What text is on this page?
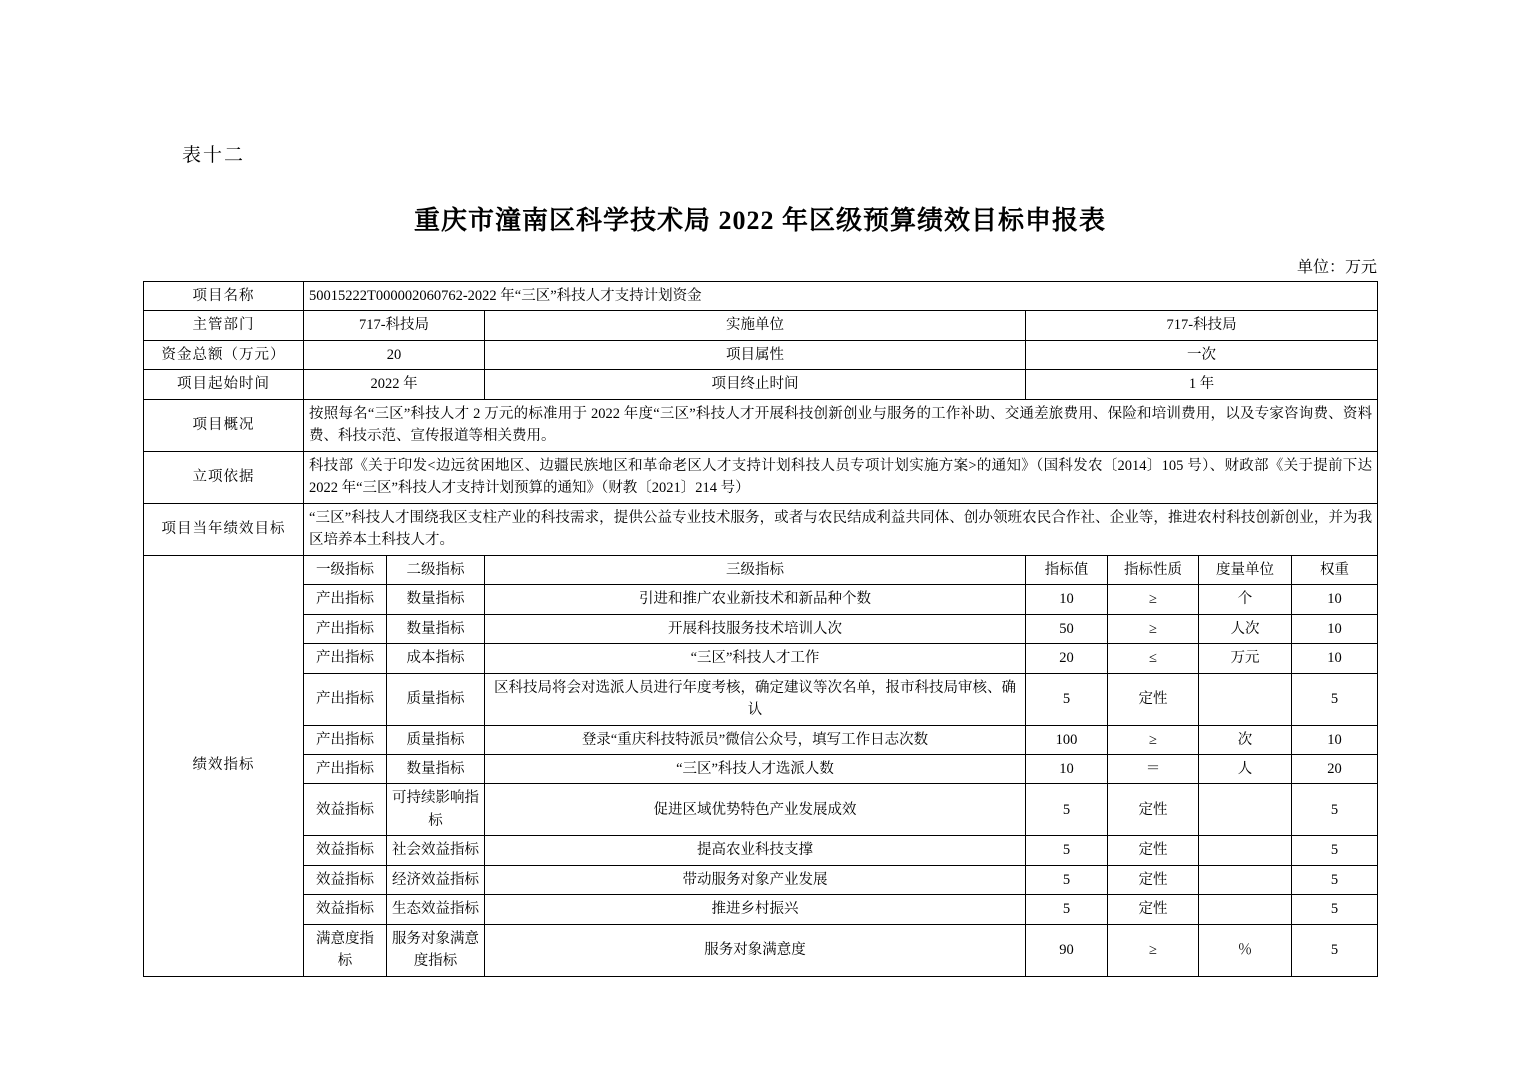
表十二
重庆市潼南区科学技术局 2022 年区级预算绩效目标申报表
单位：万元
项目名称	50015222T000002060762-2022 年“三区”科技人才支持计划资金						
主管部门	717-科技局		实施单位	717-科技局			
资金总额（万元）	20		项目属性	一次			
项目起始时间	2022 年		项目终止时间	1 年			
项目概况	按照每名“三区”科技人才 2 万元的标准用于 2022 年度“三区”科技人才开展科技创新创业与服务的工作补助、交通差旅费用、保险和培训费用，以及专家咨询费、资料费、科技示范、宣传报道等相关费用。						
立项依据	科技部《关于印发<边远贫困地区、边疆民族地区和革命老区人才支持计划科技人员专项计划实施方案>的通知》（国科发农〔2014〕105 号）、财政部《关于提前下达 2022 年“三区”科技人才支持计划预算的通知》（财教〔2021〕214 号）						
项目当年绩效目标	“三区”科技人才围绕我区支柱产业的科技需求，提供公益专业技术服务，或者与农民结成利益共同体、创办领班农民合作社、企业等，推进农村科技创新创业，并为我区培养本土科技人才。						
绩效指标	一级指标	二级指标	三级指标	指标值	指标性质	度量单位	权重
	产出指标	数量指标	引进和推广农业新技术和新品种个数	10	≥	个	10
	产出指标	数量指标	开展科技服务技术培训人次	50	≥	人次	10
	产出指标	成本指标	“三区”科技人才工作	20	≤	万元	10
	产出指标	质量指标	区科技局将会对选派人员进行年度考核，确定建议等次名单，报市科技局审核、确认	5	定性		5
	产出指标	质量指标	登录“重庆科技特派员”微信公众号，填写工作日志次数	100	≥	次	10
	产出指标	数量指标	“三区”科技人才选派人数	10	＝	人	20
	效益指标	可持续影响指标	促进区域优势特色产业发展成效	5	定性		5
	效益指标	社会效益指标	提高农业科技支撑	5	定性		5
	效益指标	经济效益指标	带动服务对象产业发展	5	定性		5
	效益指标	生态效益指标	推进乡村振兴	5	定性		5
	满意度指标	服务对象满意度指标	服务对象满意度	90	≥	％	5
